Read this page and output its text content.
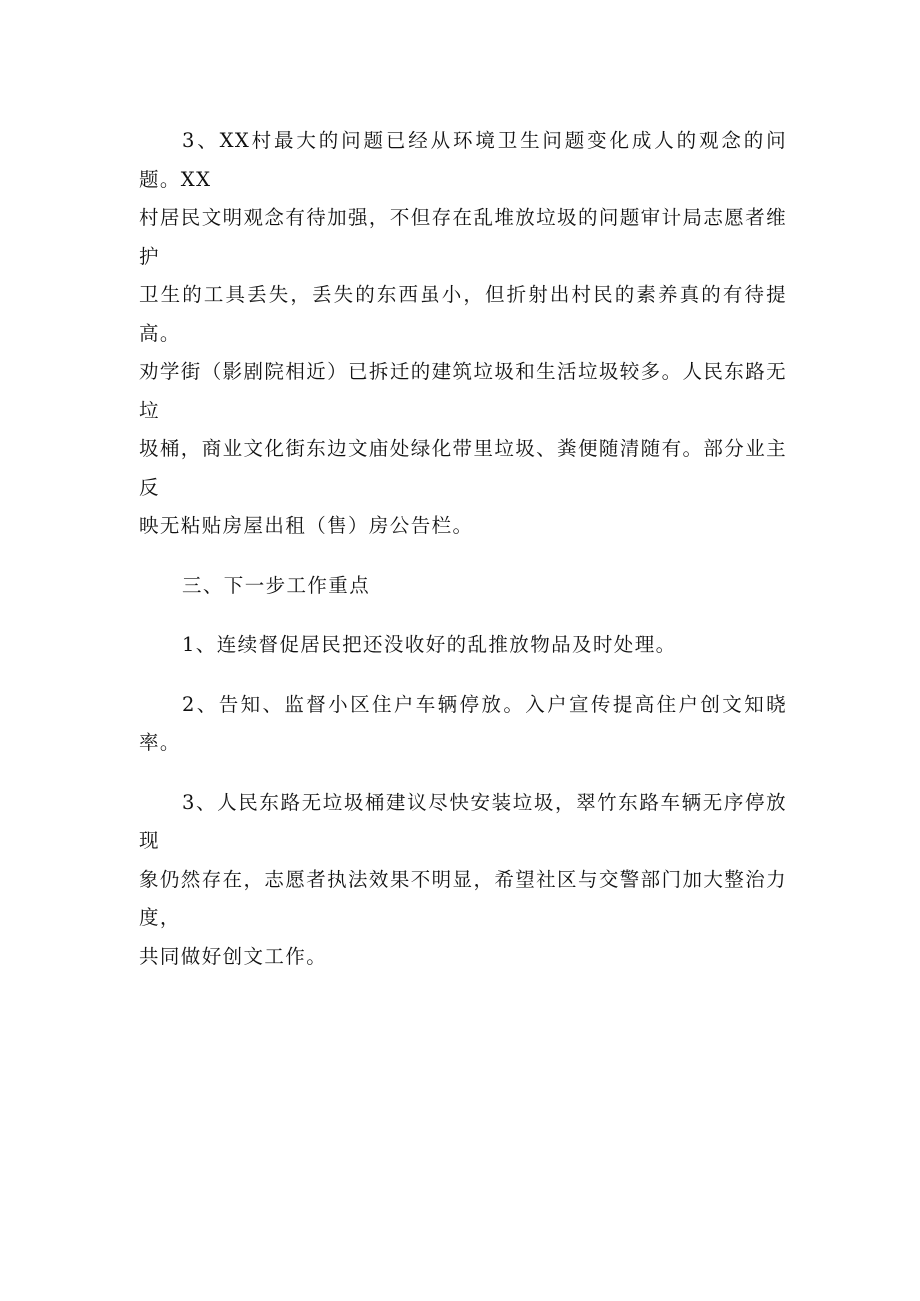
3、XX村最大的问题已经从环境卫生问题变化成人的观念的问题。XX
村居民文明观念有待加强，不但存在乱堆放垃圾的问题审计局志愿者维护
卫生的工具丢失，丢失的东西虽小，但折射出村民的素养真的有待提高。
劝学街（影剧院相近）已拆迁的建筑垃圾和生活垃圾较多。人民东路无垃
圾桶，商业文化街东边文庙处绿化带里垃圾、粪便随清随有。部分业主反
映无粘贴房屋出租（售）房公告栏。

三、下一步工作重点

1、连续督促居民把还没收好的乱推放物品及时处理。

2、告知、监督小区住户车辆停放。入户宣传提高住户创文知晓率。

3、人民东路无垃圾桶建议尽快安装垃圾，翠竹东路车辆无序停放现
象仍然存在，志愿者执法效果不明显，希望社区与交警部门加大整治力度，
共同做好创文工作。
